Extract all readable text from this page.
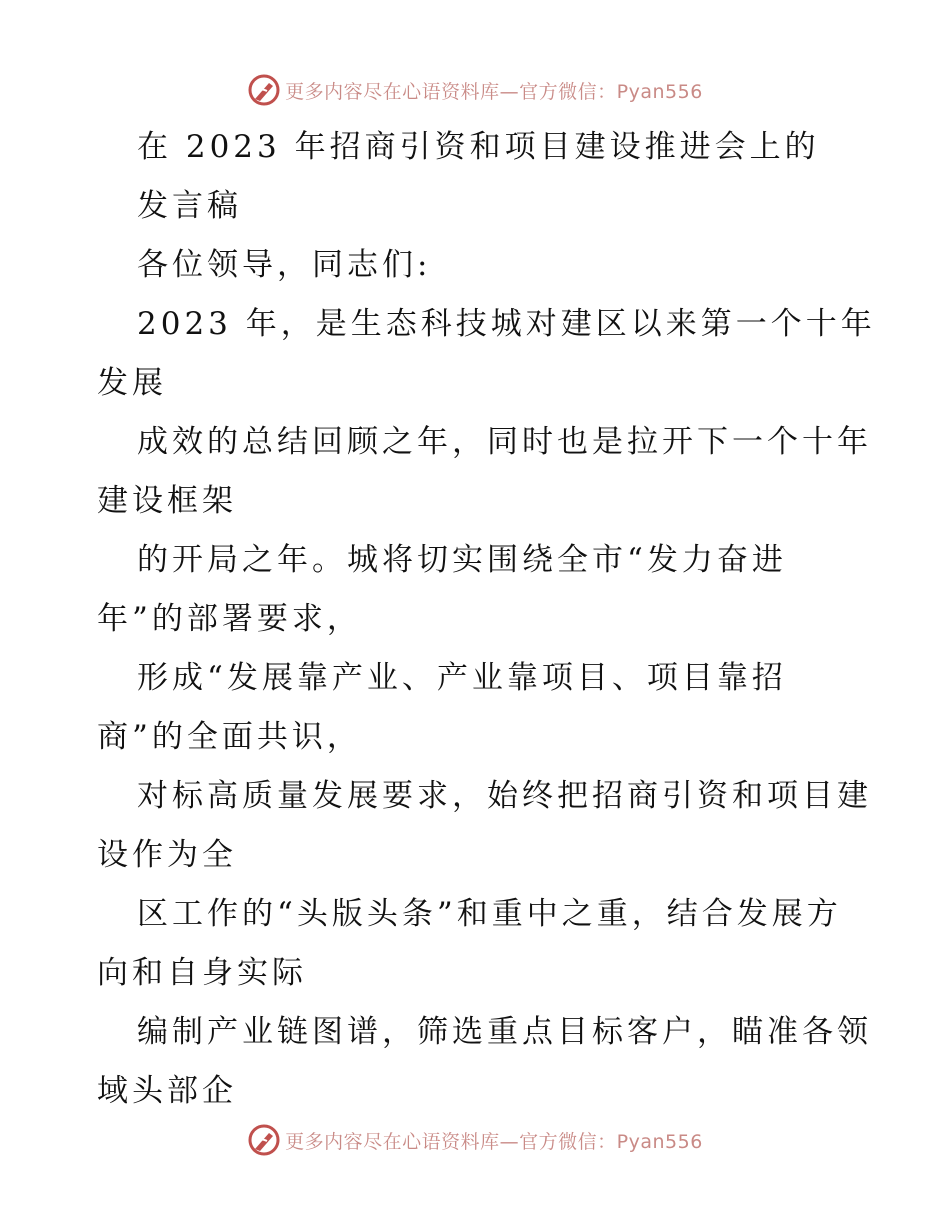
更多内容尽在心语资料库—官方微信：Pyan556

在 2023 年招商引资和项目建设推进会上的

发言稿

各位领导，同志们:

2023 年，是生态科技城对建区以来第一个十年
发展

成效的总结回顾之年，同时也是拉开下一个十年
建设框架

的开局之年。城将切实围绕全市“发力奋进
年”的部署要求，

形成“发展靠产业、产业靠项目、项目靠招
商”的全面共识，

对标高质量发展要求，始终把招商引资和项目建
设作为全

区工作的“头版头条”和重中之重，结合发展方
向和自身实际

编制产业链图谱，筛选重点目标客户，瞄准各领
域头部企

更多内容尽在心语资料库—官方微信：Pyan556
